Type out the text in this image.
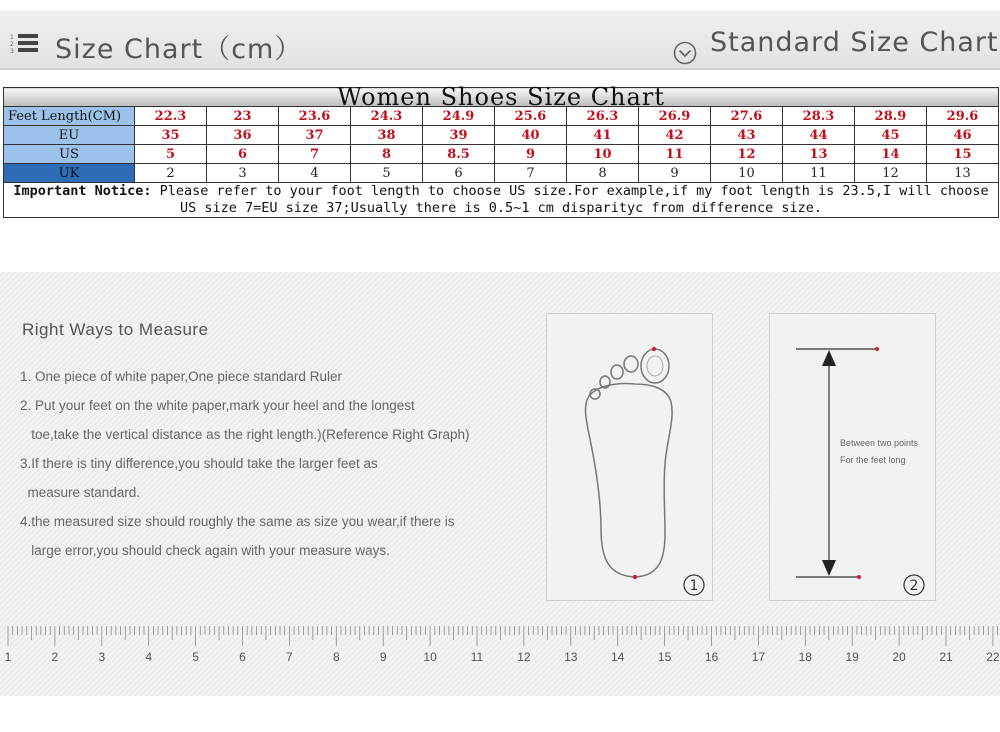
1
2
3 Size Chart（cm）	Standard Size Chart
Women Shoes Size Chart												
Feet Length(CM)	22.3	23	23.6	24.3	24.9	25.6	26.3	26.9	27.6	28.3	28.9	29.6
EU	35	36	37	38	39	40	41	42	43	44	45	46
US	5	6	7	8	8.5	9	10	11	12	13	14	15
UK	2	3	4	5	6	7	8	9	10	11	12	13
Important Notice: Please refer to your foot length to choose US size.For example,if my foot length is 23.5,I will choose US size 7=EU size 37;Usually there is 0.5~1 cm disparityc from difference size.												
Right Ways to Measure
1. One piece of white paper,One piece standard Ruler
2. Put your feet on the white paper,mark your heel and the longest
toe,take the vertical distance as the right length.)(Reference Right Graph)
3.If there is tiny difference,you should take the larger feet as
measure standard.
4.the measured size should roughly the same as size you wear,if there is
large error,you should check again with your measure ways.
1	2
Between two points
For the feet long
1	2	3	4	5	6	7	8	9	10	11	12	13	14	15	16	17	18	19	20	21	22
